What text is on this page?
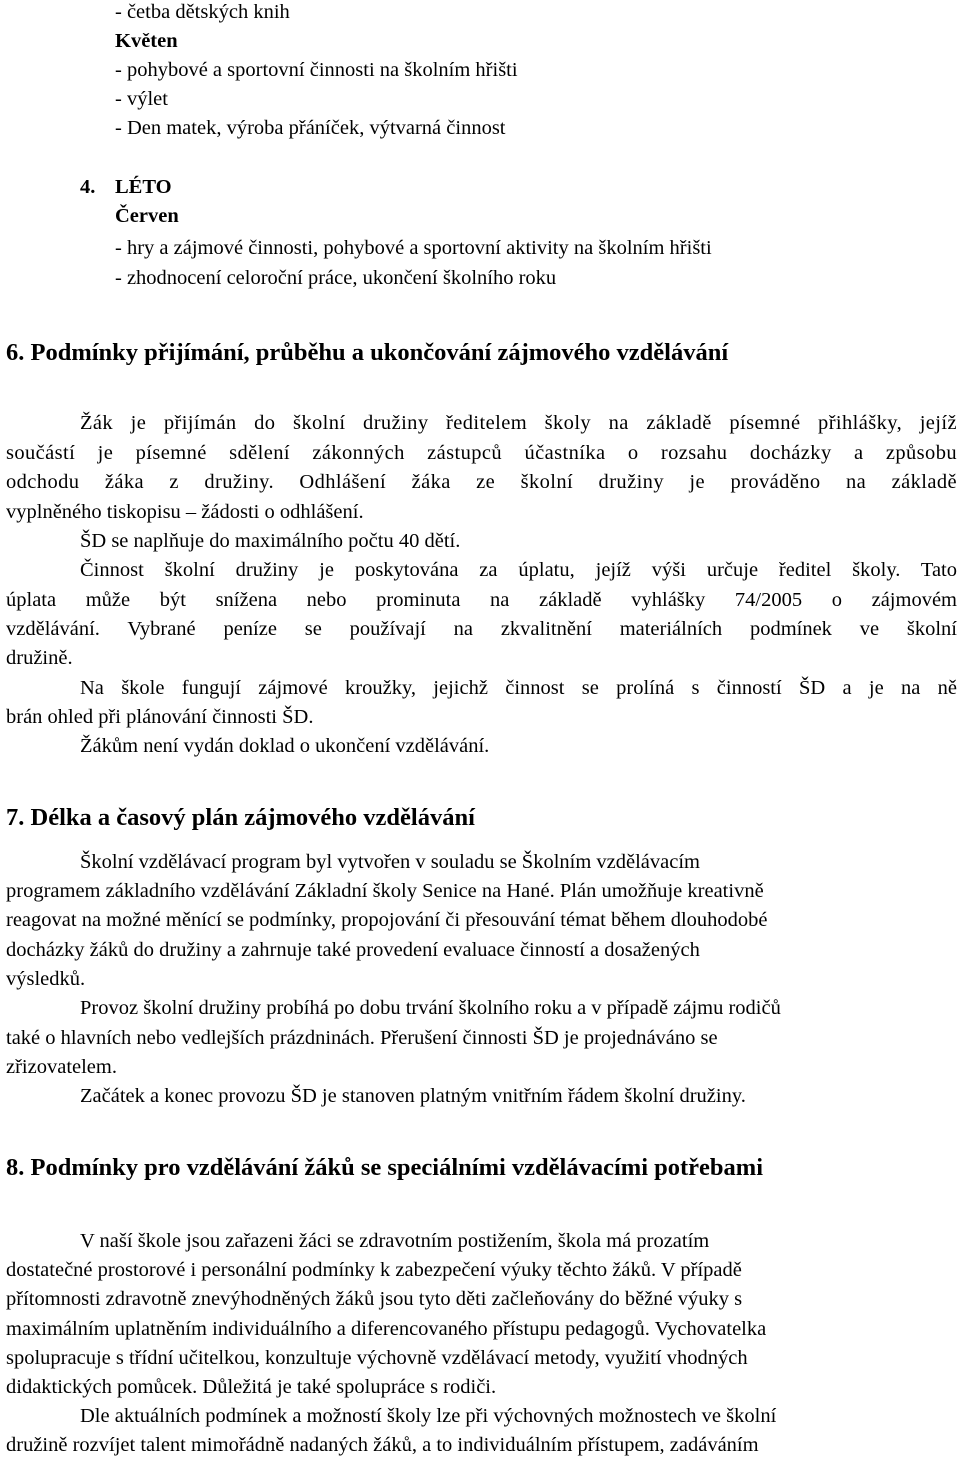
- četba dětských knih
Květen
- pohybové a sportovní činnosti na školním hřišti
- výlet
- Den matek, výroba přáníček, výtvarná činnost
4. LÉTO
Červen
- hry a zájmové činnosti, pohybové a sportovní aktivity na školním hřišti
- zhodnocení celoroční práce, ukončení školního roku
6. Podmínky přijímání, průběhu a ukončování zájmového vzdělávání
Žák je přijímán do školní družiny ředitelem školy na základě písemné přihlášky, jejíž
součástí je písemné sdělení zákonných zástupců účastníka o rozsahu docházky a způsobu
odchodu žáka z družiny. Odhlášení žáka ze školní družiny je prováděno na základě
vyplněného tiskopisu – žádosti o odhlášení.
ŠD se naplňuje do maximálního počtu 40 dětí.
Činnost školní družiny je poskytována za úplatu, jejíž výši určuje ředitel školy. Tato
úplata může být snížena nebo prominuta na základě vyhlášky 74/2005 o zájmovém
vzdělávání. Vybrané peníze se používají na zkvalitnění materiálních podmínek ve školní
družině.
Na škole fungují zájmové kroužky, jejichž činnost se prolíná s činností ŠD a je na ně
brán ohled při plánování činnosti ŠD.
Žákům není vydán doklad o ukončení vzdělávání.
7. Délka a časový plán zájmového vzdělávání
Školní vzdělávací program byl vytvořen v souladu se Školním vzdělávacím
programem základního vzdělávání Základní školy Senice na Hané. Plán umožňuje kreativně
reagovat na možné měnící se podmínky, propojování či přesouvání témat během dlouhodobé
docházky žáků do družiny a zahrnuje také provedení evaluace činností a dosažených
výsledků.
Provoz školní družiny probíhá po dobu trvání školního roku a v případě zájmu rodičů
také o hlavních nebo vedlejších prázdninách. Přerušení činnosti ŠD je projednáváno se
zřizovatelem.
Začátek a konec provozu ŠD je stanoven platným vnitřním řádem školní družiny.
8. Podmínky pro vzdělávání žáků se speciálními vzdělávacími potřebami
V naší škole jsou zařazeni žáci se zdravotním postižením, škola má prozatím
dostatečné prostorové i personální podmínky k zabezpečení výuky těchto žáků. V případě
přítomnosti zdravotně znevýhodněných žáků jsou tyto děti začleňovány do běžné výuky s
maximálním uplatněním individuálního a diferencovaného přístupu pedagogů. Vychovatelka
spolupracuje s třídní učitelkou, konzultuje výchovně vzdělávací metody, využití vhodných
didaktických pomůcek. Důležitá je také spolupráce s rodiči.
Dle aktuálních podmínek a možností školy lze při výchovných možnostech ve školní
družině rozvíjet talent mimořádně nadaných žáků, a to individuálním přístupem, zadáváním
